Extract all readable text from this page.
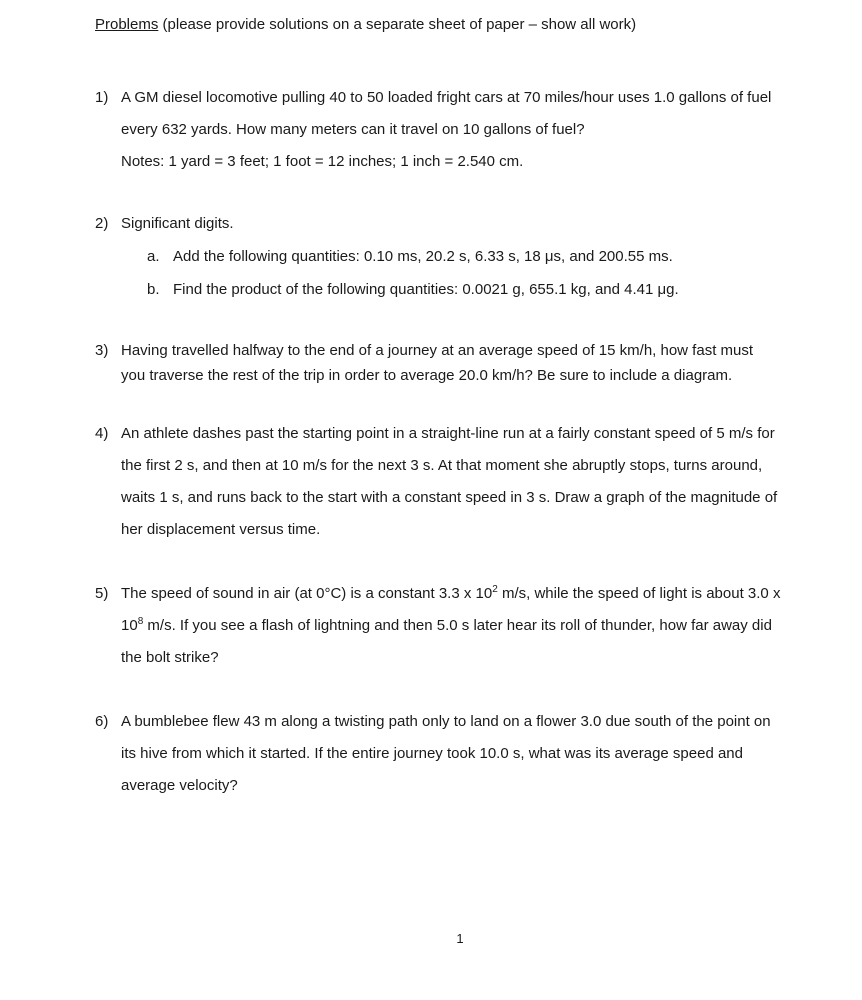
Problems (please provide solutions on a separate sheet of paper – show all work)
1) A GM diesel locomotive pulling 40 to 50 loaded fright cars at 70 miles/hour uses 1.0 gallons of fuel
every 632 yards. How many meters can it travel on 10 gallons of fuel?
Notes: 1 yard = 3 feet; 1 foot = 12 inches; 1 inch = 2.540 cm.
2) Significant digits.
a. Add the following quantities: 0.10 ms, 20.2 s, 6.33 s, 18 μs, and 200.55 ms.
b. Find the product of the following quantities: 0.0021 g, 655.1 kg, and 4.41 μg.
3) Having travelled halfway to the end of a journey at an average speed of 15 km/h, how fast must
you traverse the rest of the trip in order to average 20.0 km/h? Be sure to include a diagram.
4) An athlete dashes past the starting point in a straight-line run at a fairly constant speed of 5 m/s for
the first 2 s, and then at 10 m/s for the next 3 s. At that moment she abruptly stops, turns around,
waits 1 s, and runs back to the start with a constant speed in 3 s. Draw a graph of the magnitude of
her displacement versus time.
5) The speed of sound in air (at 0°C) is a constant 3.3 x $10^2$ m/s, while the speed of light is about 3.0 x
$10^8$ m/s. If you see a flash of lightning and then 5.0 s later hear its roll of thunder, how far away did
the bolt strike?
6) A bumblebee flew 43 m along a twisting path only to land on a flower 3.0 due south of the point on
its hive from which it started. If the entire journey took 10.0 s, what was its average speed and
average velocity?
1
